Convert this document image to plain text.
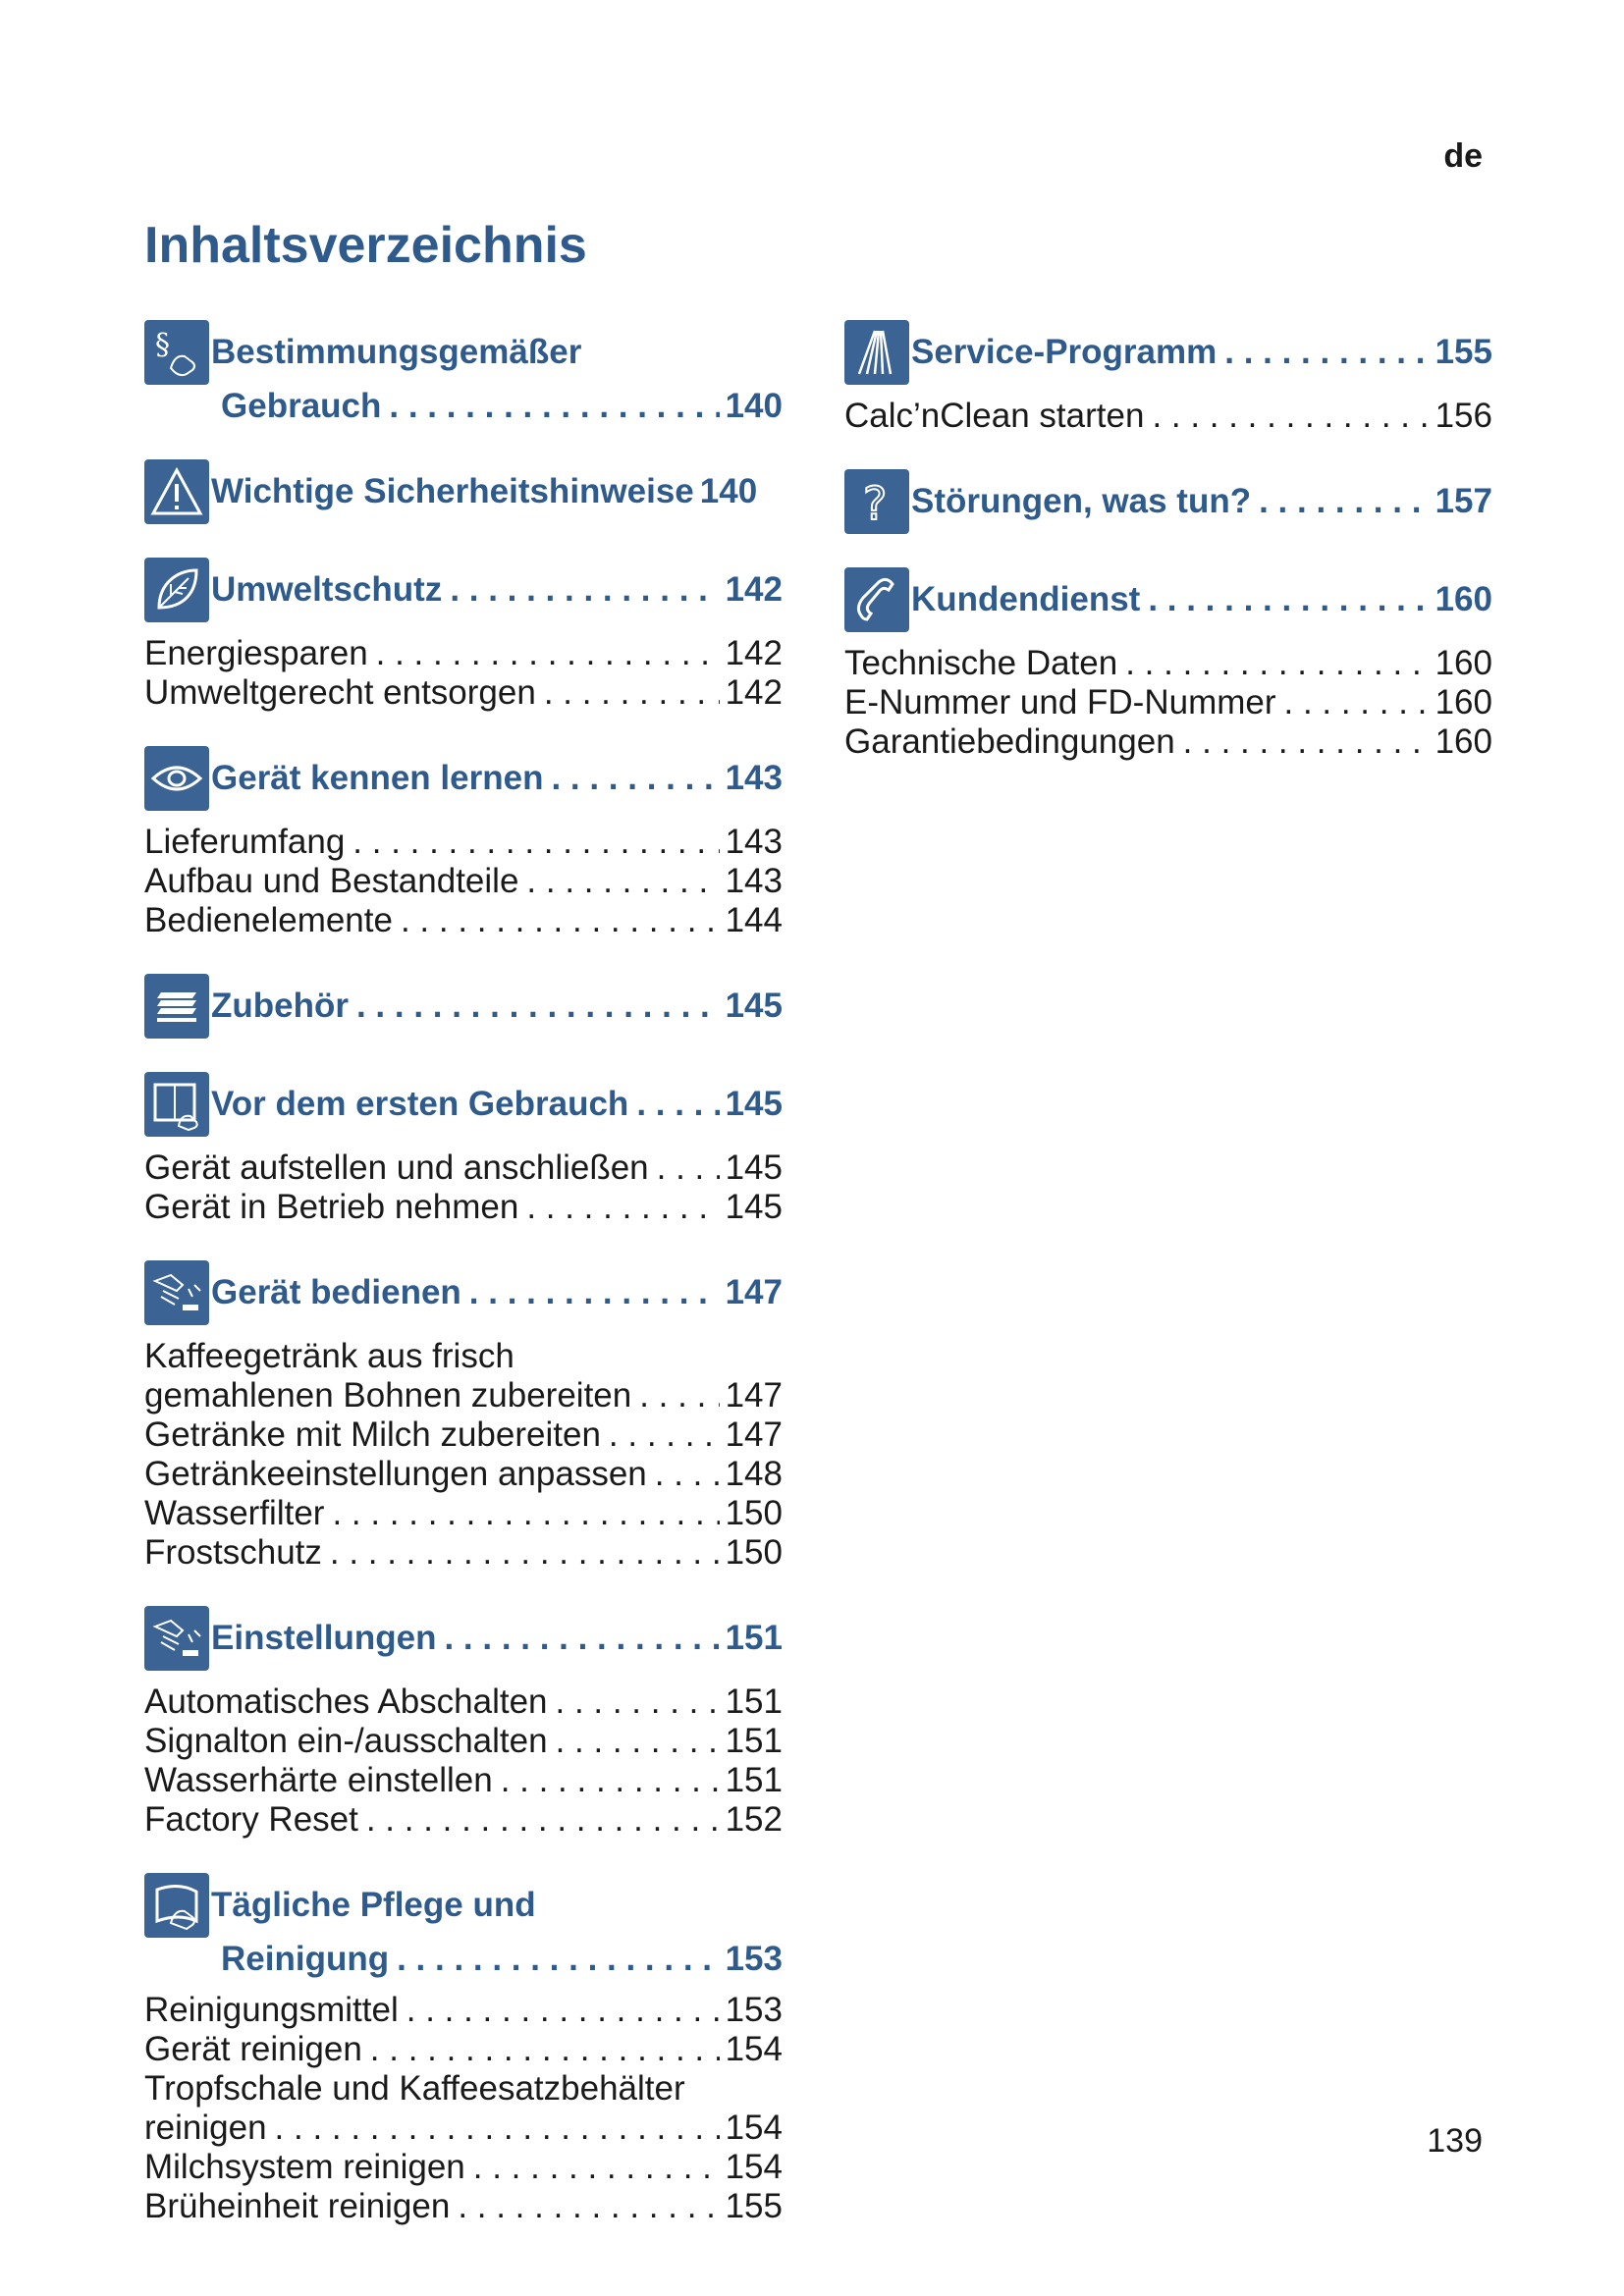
de
Inhaltsverzeichnis
§ Bestimmungsgemäßer
Gebrauch . . .	140
Wichtige Sicherheitshinweise 140
Umweltschutz . . .	142
Energiesparen . . .	142
Umweltgerecht entsorgen . . .	142
Gerät kennen lernen . . .	143
Lieferumfang . . .	143
Aufbau und Bestandteile . . .	143
Bedienelemente . . .	144
Zubehör . . .	145
Vor dem ersten Gebrauch . . .	145
Gerät aufstellen und anschließen . . . 145
Gerät in Betrieb nehmen . . .	145
Gerät bedienen . . .	147
Kaffeegetränk aus frisch
gemahlenen Bohnen zubereiten . . .	147
Getränke mit Milch zubereiten . . .	147
Getränkeeinstellungen anpassen . . . 148
Wasserfilter . . .	150
Frostschutz . . .	150
Einstellungen . . .	151
Automatisches Abschalten . . .	151
Signalton ein-/ausschalten . . .	151
Wasserhärte einstellen . . .	151
Factory Reset . . .	152
Tägliche Pflege und
Reinigung . . .	153
Reinigungsmittel . . .	153
Gerät reinigen . . .	154
Tropfschale und Kaffeesatzbehälter
reinigen . . .	154
Milchsystem reinigen . . .	154
Brüheinheit reinigen . . .	155
Service-Programm . . .	155
Calc’nClean starten . . .	156
? Störungen, was tun? . . .	157
Kundendienst . . .	160
Technische Daten . . .	160
E-Nummer und FD-Nummer . . .	160
Garantiebedingungen . . .	160
139
